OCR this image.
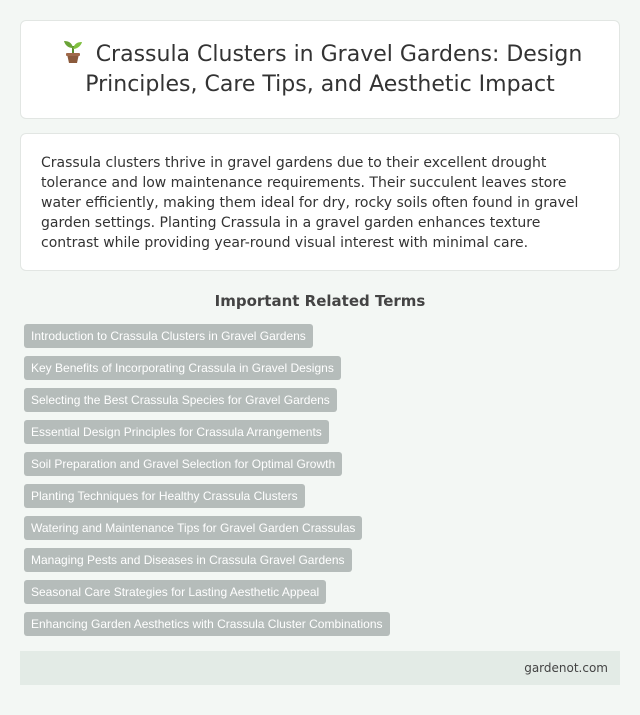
Crassula Clusters in Gravel Gardens: Design Principles, Care Tips, and Aesthetic Impact

Crassula clusters thrive in gravel gardens due to their excellent drought tolerance and low maintenance requirements. Their succulent leaves store water efficiently, making them ideal for dry, rocky soils often found in gravel garden settings. Planting Crassula in a gravel garden enhances texture contrast while providing year-round visual interest with minimal care.

Important Related Terms
Introduction to Crassula Clusters in Gravel Gardens
Key Benefits of Incorporating Crassula in Gravel Designs
Selecting the Best Crassula Species for Gravel Gardens
Essential Design Principles for Crassula Arrangements
Soil Preparation and Gravel Selection for Optimal Growth
Planting Techniques for Healthy Crassula Clusters
Watering and Maintenance Tips for Gravel Garden Crassulas
Managing Pests and Diseases in Crassula Gravel Gardens
Seasonal Care Strategies for Lasting Aesthetic Appeal
Enhancing Garden Aesthetics with Crassula Cluster Combinations
gardenot.com
